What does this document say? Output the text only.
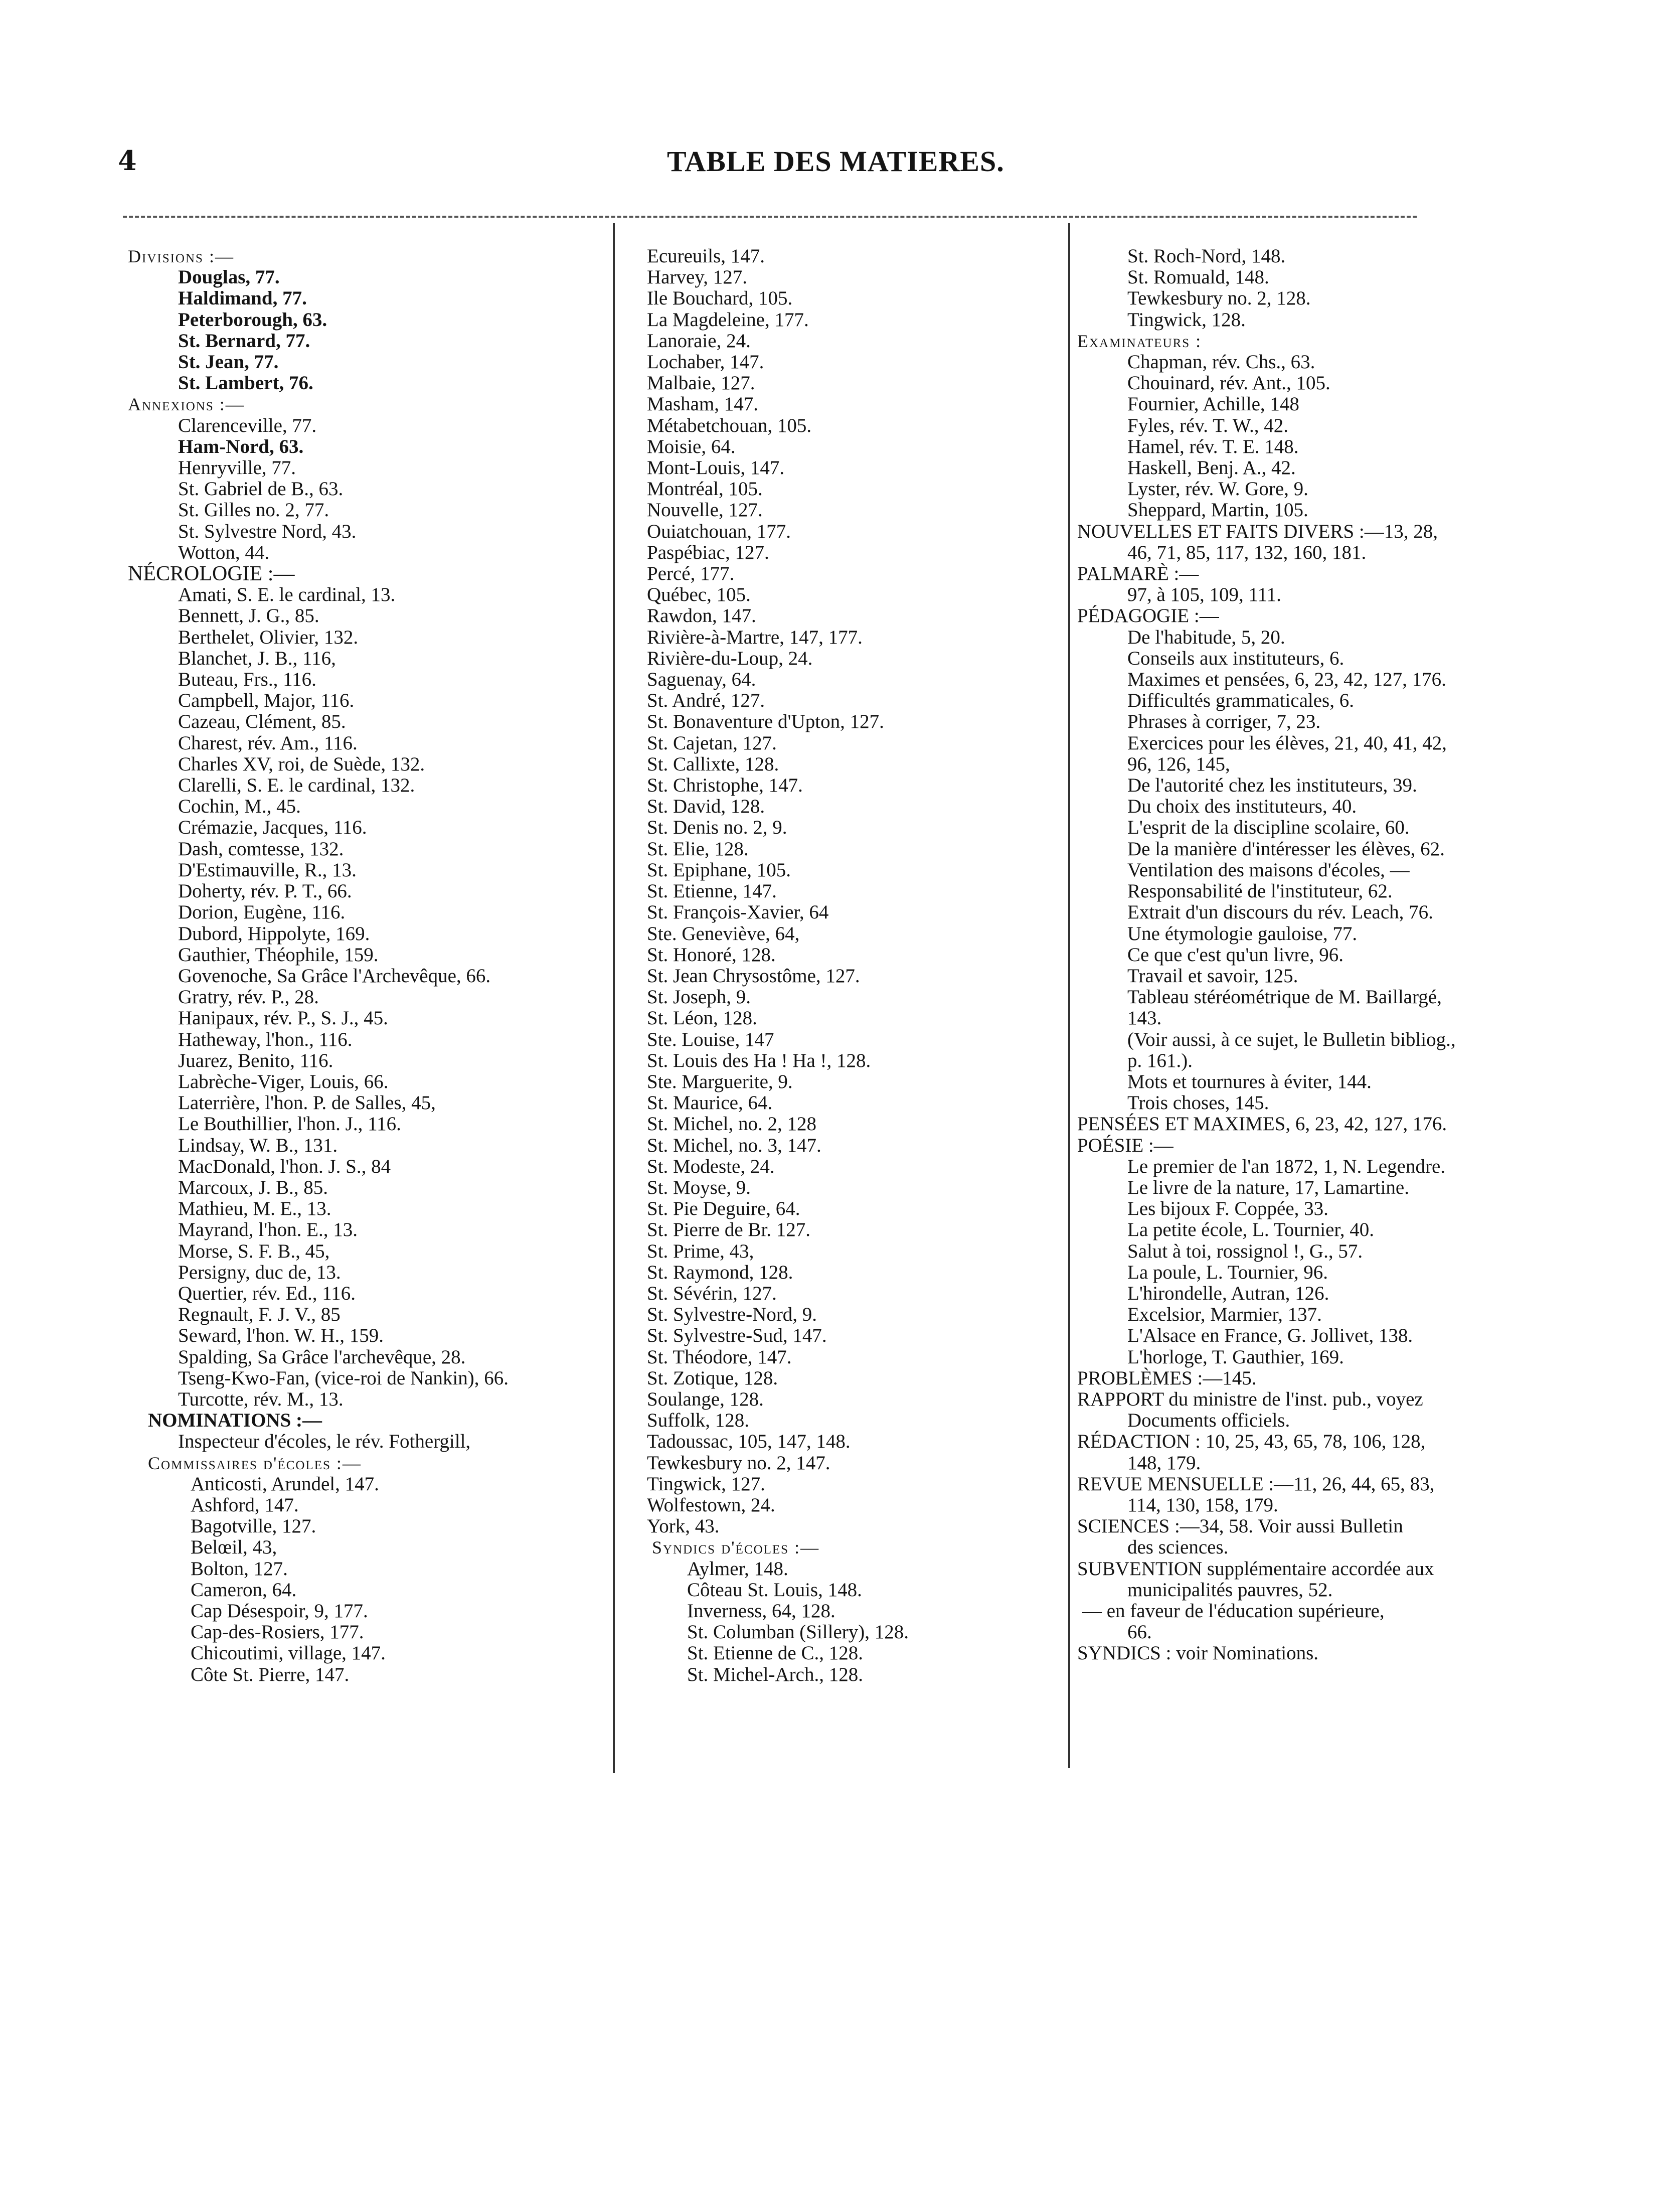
4	TABLE DES MATIERES.
Divisions :—
Douglas, 77.
Haldimand, 77.
Peterborough, 63.
St. Bernard, 77.
St. Jean, 77.
St. Lambert, 76.
Annexions :—
Clarenceville, 77.
Ham-Nord, 63.
Henryville, 77.
St. Gabriel de B., 63.
St. Gilles no. 2, 77.
St. Sylvestre Nord, 43.
Wotton, 44.
NÉCROLOGIE :—
Amati, S. E. le cardinal, 13.
Bennett, J. G., 85.
Berthelet, Olivier, 132.
Blanchet, J. B., 116,
Buteau, Frs., 116.
Campbell, Major, 116.
Cazeau, Clément, 85.
Charest, rév. Am., 116.
Charles XV, roi, de Suède, 132.
Clarelli, S. E. le cardinal, 132.
Cochin, M., 45.
Crémazie, Jacques, 116.
Dash, comtesse, 132.
D'Estimauville, R., 13.
Doherty, rév. P. T., 66.
Dorion, Eugène, 116.
Dubord, Hippolyte, 169.
Gauthier, Théophile, 159.
Govenoche, Sa Grâce l'Archevêque, 66.
Gratry, rév. P., 28.
Hanipaux, rév. P., S. J., 45.
Hatheway, l'hon., 116.
Juarez, Benito, 116.
Labrèche-Viger, Louis, 66.
Laterrière, l'hon. P. de Salles, 45,
Le Bouthillier, l'hon. J., 116.
Lindsay, W. B., 131.
MacDonald, l'hon. J. S., 84
Marcoux, J. B., 85.
Mathieu, M. E., 13.
Mayrand, l'hon. E., 13.
Morse, S. F. B., 45,
Persigny, duc de, 13.
Quertier, rév. Ed., 116.
Regnault, F. J. V., 85
Seward, l'hon. W. H., 159.
Spalding, Sa Grâce l'archevêque, 28.
Tseng-Kwo-Fan, (vice-roi de Nankin), 66.
Turcotte, rév. M., 13.
NOMINATIONS :—
Inspecteur d'écoles, le rév. Fothergill,
Commissaires d'écoles :—
Anticosti, Arundel, 147.
Ashford, 147.
Bagotville, 127.
Belœil, 43,
Bolton, 127.
Cameron, 64.
Cap Désespoir, 9, 177.
Cap-des-Rosiers, 177.
Chicoutimi, village, 147.
Côte St. Pierre, 147.
Ecureuils, 147.
Harvey, 127.
Ile Bouchard, 105.
La Magdeleine, 177.
Lanoraie, 24.
Lochaber, 147.
Malbaie, 127.
Masham, 147.
Métabetchouan, 105.
Moisie, 64.
Mont-Louis, 147.
Montréal, 105.
Nouvelle, 127.
Ouiatchouan, 177.
Paspébiac, 127.
Percé, 177.
Québec, 105.
Rawdon, 147.
Rivière-à-Martre, 147, 177.
Rivière-du-Loup, 24.
Saguenay, 64.
St. André, 127.
St. Bonaventure d'Upton, 127.
St. Cajetan, 127.
St. Callixte, 128.
St. Christophe, 147.
St. David, 128.
St. Denis no. 2, 9.
St. Elie, 128.
St. Epiphane, 105.
St. Etienne, 147.
St. François-Xavier, 64
Ste. Geneviève, 64,
St. Honoré, 128.
St. Jean Chrysostôme, 127.
St. Joseph, 9.
St. Léon, 128.
Ste. Louise, 147
St. Louis des Ha ! Ha !, 128.
Ste. Marguerite, 9.
St. Maurice, 64.
St. Michel, no. 2, 128
St. Michel, no. 3, 147.
St. Modeste, 24.
St. Moyse, 9.
St. Pie Deguire, 64.
St. Pierre de Br. 127.
St. Prime, 43,
St. Raymond, 128.
St. Sévérin, 127.
St. Sylvestre-Nord, 9.
St. Sylvestre-Sud, 147.
St. Théodore, 147.
St. Zotique, 128.
Soulange, 128.
Suffolk, 128.
Tadoussac, 105, 147, 148.
Tewkesbury no. 2, 147.
Tingwick, 127.
Wolfestown, 24.
York, 43.
Syndics d'écoles :—
Aylmer, 148.
Côteau St. Louis, 148.
Inverness, 64, 128.
St. Columban (Sillery), 128.
St. Etienne de C., 128.
St. Michel-Arch., 128.
St. Roch-Nord, 148.
St. Romuald, 148.
Tewkesbury no. 2, 128.
Tingwick, 128.
Examinateurs :
Chapman, rév. Chs., 63.
Chouinard, rév. Ant., 105.
Fournier, Achille, 148
Fyles, rév. T. W., 42.
Hamel, rév. T. E. 148.
Haskell, Benj. A., 42.
Lyster, rév. W. Gore, 9.
Sheppard, Martin, 105.
NOUVELLES ET FAITS DIVERS :—13, 28,
46, 71, 85, 117, 132, 160, 181.
PALMARÈ :—
97, à 105, 109, 111.
PÉDAGOGIE :—
De l'habitude, 5, 20.
Conseils aux instituteurs, 6.
Maximes et pensées, 6, 23, 42, 127, 176.
Difficultés grammaticales, 6.
Phrases à corriger, 7, 23.
Exercices pour les élèves, 21, 40, 41, 42,
96, 126, 145,
De l'autorité chez les instituteurs, 39.
Du choix des instituteurs, 40.
L'esprit de la discipline scolaire, 60.
De la manière d'intéresser les élèves, 62.
Ventilation des maisons d'écoles, —
Responsabilité de l'instituteur, 62.
Extrait d'un discours du rév. Leach, 76.
Une étymologie gauloise, 77.
Ce que c'est qu'un livre, 96.
Travail et savoir, 125.
Tableau stéréométrique de M. Baillargé,
143.
(Voir aussi, à ce sujet, le Bulletin bibliog.,
p. 161.).
Mots et tournures à éviter, 144.
Trois choses, 145.
PENSÉES ET MAXIMES, 6, 23, 42, 127, 176.
POÉSIE :—
Le premier de l'an 1872, 1, N. Legendre.
Le livre de la nature, 17, Lamartine.
Les bijoux F. Coppée, 33.
La petite école, L. Tournier, 40.
Salut à toi, rossignol !, G., 57.
La poule, L. Tournier, 96.
L'hirondelle, Autran, 126.
Excelsior, Marmier, 137.
L'Alsace en France, G. Jollivet, 138.
L'horloge, T. Gauthier, 169.
PROBLÈMES :—145.
RAPPORT du ministre de l'inst. pub., voyez
Documents officiels.
RÉDACTION : 10, 25, 43, 65, 78, 106, 128,
148, 179.
REVUE MENSUELLE :—11, 26, 44, 65, 83,
114, 130, 158, 179.
SCIENCES :—34, 58. Voir aussi Bulletin
des sciences.
SUBVENTION supplémentaire accordée aux
municipalités pauvres, 52.
— en faveur de l'éducation supérieure,
66.
SYNDICS : voir Nominations.
